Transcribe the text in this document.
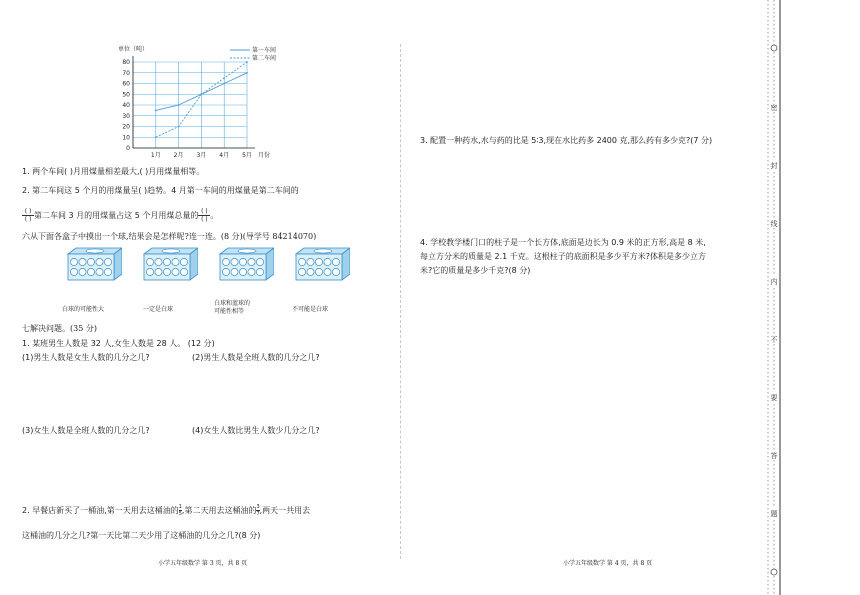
0
10
20
30
40
50
60
70
80
1月 2月 3月 4月 5月
第一车间
第二车间
单位（吨）
月份
1. 两个车间( )月用煤量相差最大,( )月用煤量相等。
2. 第二车间这 5 个月的用煤量呈( )趋势。4 月第一车间的用煤量是第二车间的
( )
( ) 第二车间 3 月的用煤量占这 5 个月用煤总量的 ( )
( ) 。
六从下面各盒子中摸出一个球,结果会是怎样呢?连一连。(8 分)(导学号 84214070)
白球的可能性大	一定是白球
白球和蓝球的
可能性相等	不可能是白球
七解决问题。(35 分)
1. 某班男生人数是 32 人,女生人数是 28 人。 (12 分)
(1)男生人数是女生人数的几分之几?	(2)男生人数是全班人数的几分之几?
(3)女生人数是全班人数的几分之几?	(4)女生人数比男生人数少几分之几?
2. 早餐店新买了一桶油,第一天用去这桶油的 $\frac{1}{5}$ ,第二天用去这桶油的 $\frac{3}{7}$ ,两天一共用去
这桶油的几分之几?第一天比第二天少用了这桶油的几分之几?(8 分)
小学五年级数学 第 3 页，共 8 页
3. 配置一种药水,水与药的比是 5∶3,现在水比药多 2400 克,那么药有多少克?(7 分)
4. 学校教学楼门口的柱子是一个长方体,底面是边长为 0.9 米的正方形,高是 8 米,
每立方分米的质量是 2.1 千克。这根柱子的底面积是多少平方米?体积是多少立方
米?它的质量是多少千克?(8 分)
小学五年级数学 第 4 页，共 8 页
密
封
线
内
不
要
答
题
